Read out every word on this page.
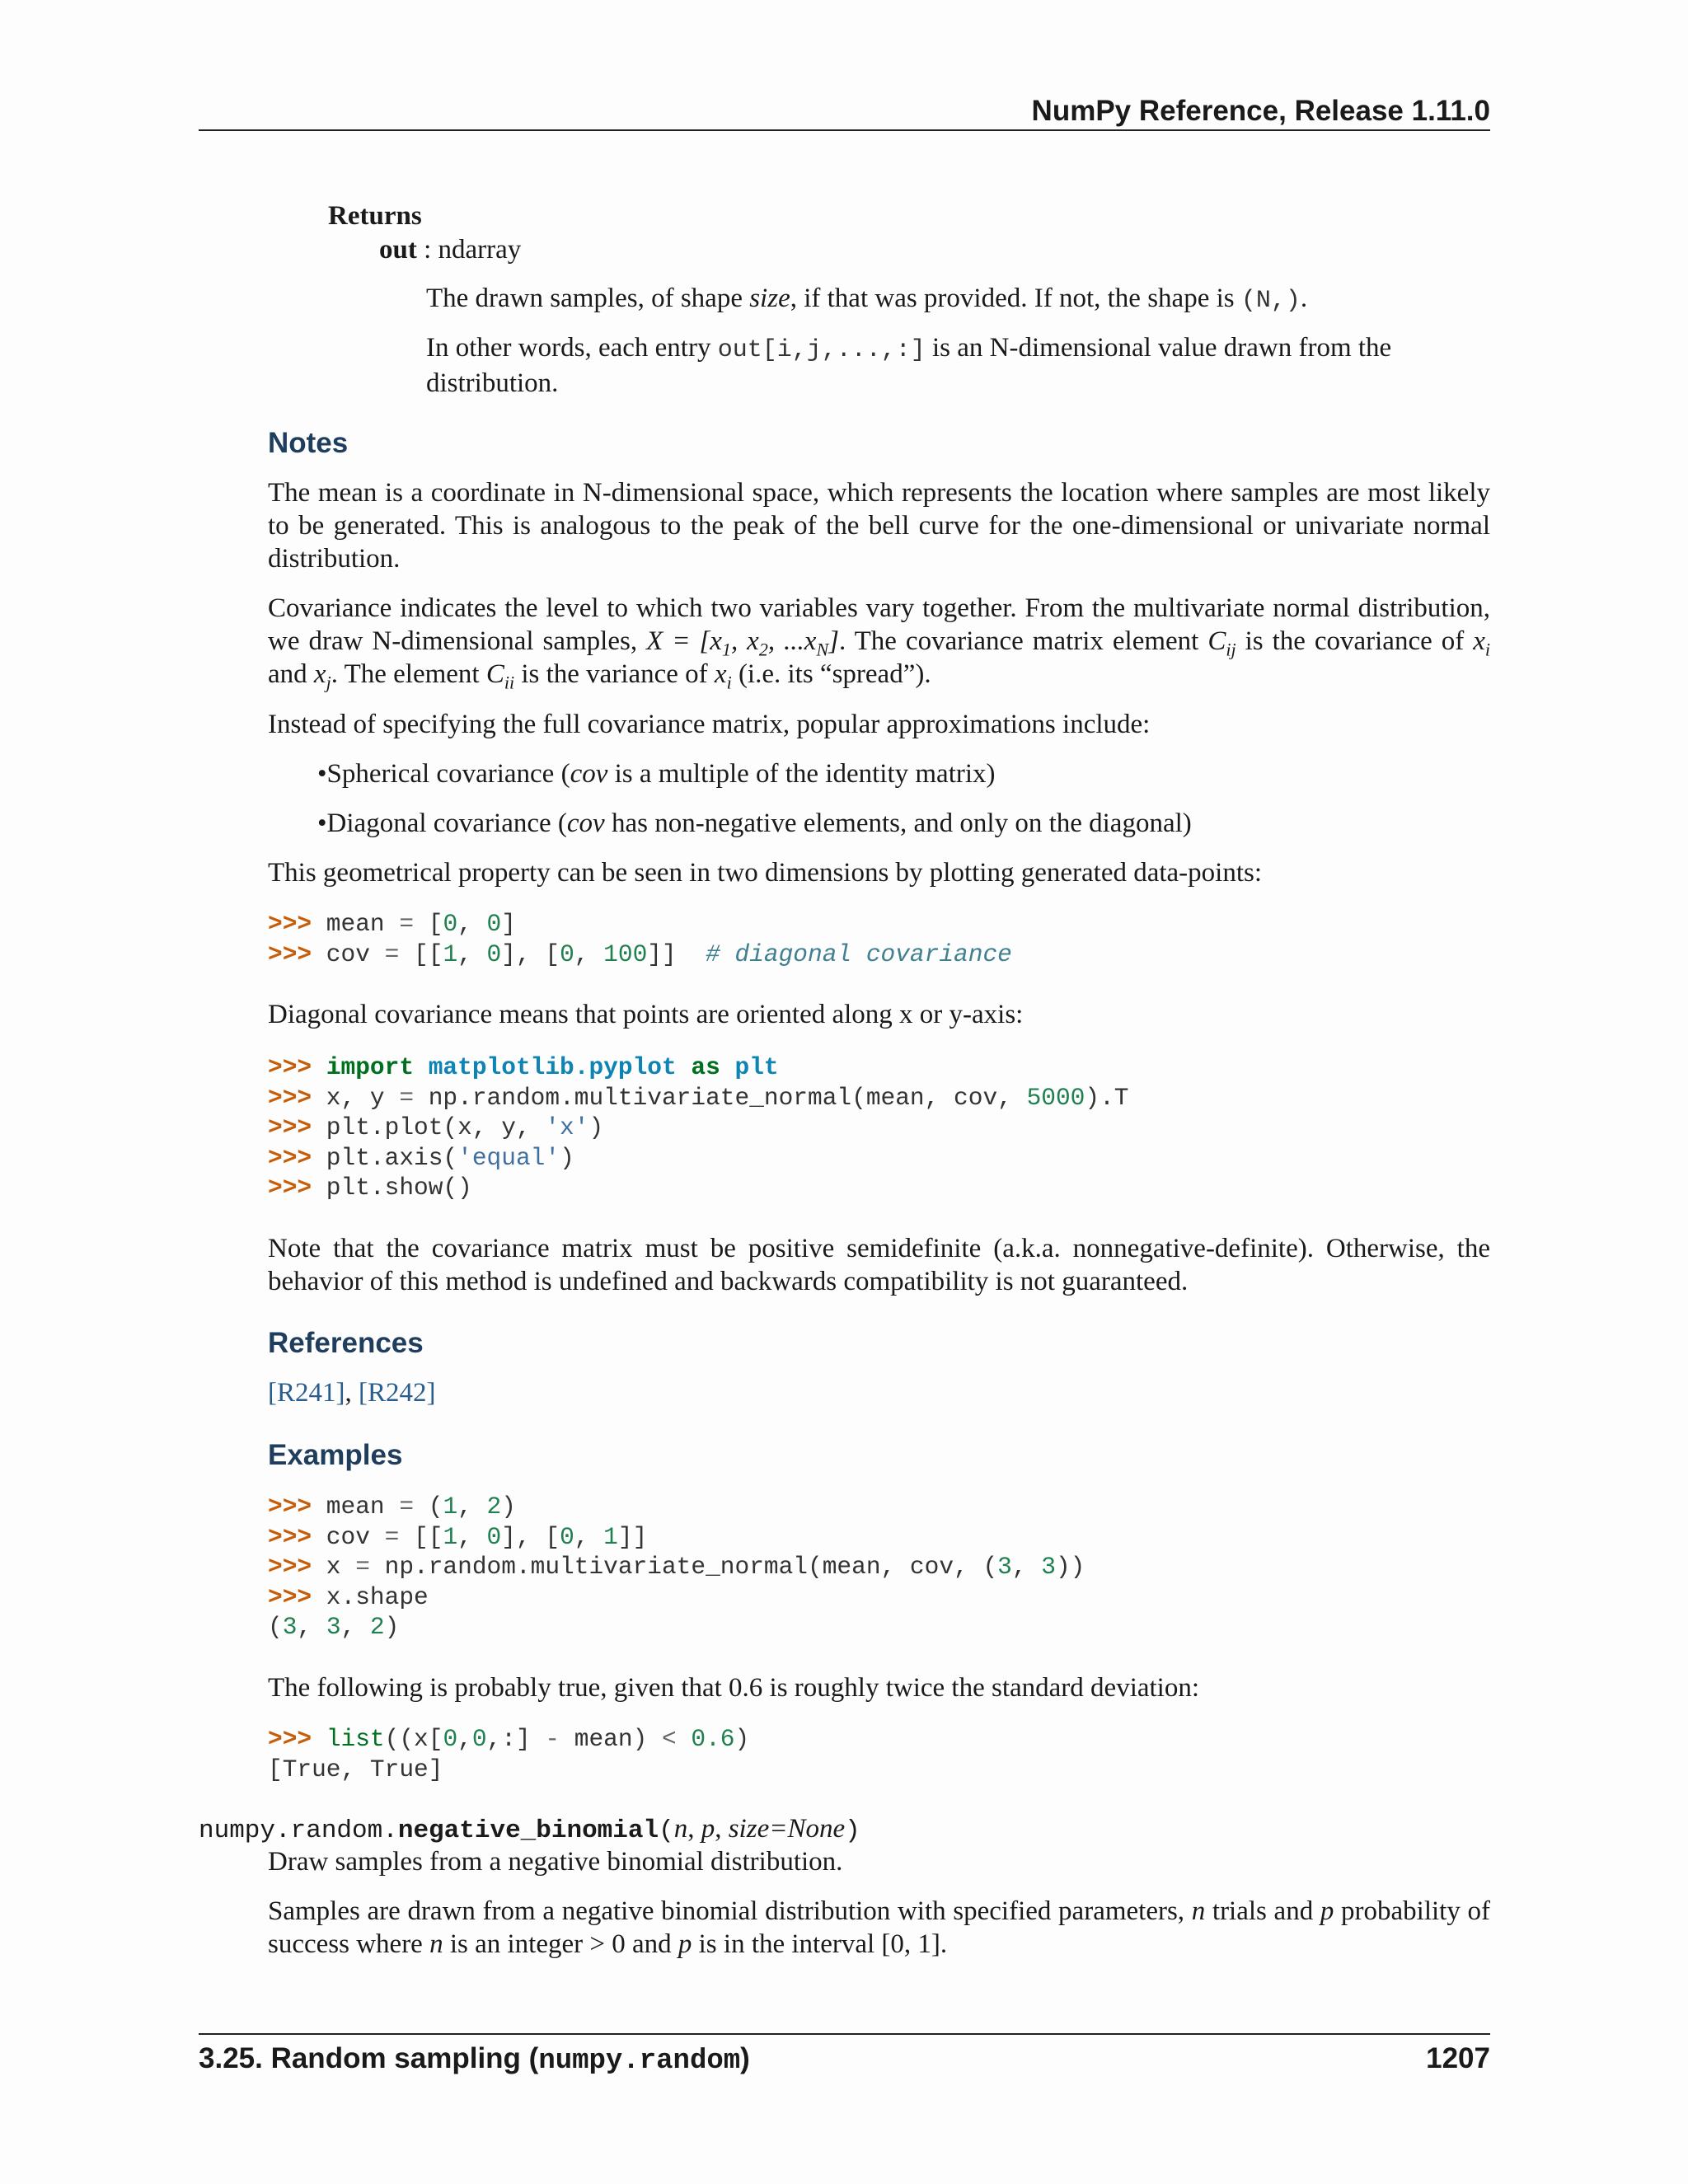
NumPy Reference, Release 1.11.0
Returns
out : ndarray
The drawn samples, of shape size, if that was provided. If not, the shape is (N,).
In other words, each entry out[i,j,...,:] is an N-dimensional value drawn from the distribution.
Notes
The mean is a coordinate in N-dimensional space, which represents the location where samples are most likely to be generated. This is analogous to the peak of the bell curve for the one-dimensional or univariate normal distribution.
Covariance indicates the level to which two variables vary together. From the multivariate normal distribution, we draw N-dimensional samples, $X = [x_1$, $x_2$, $...x_N$]. The covariance matrix element $C_{ij}$ is the covariance of $x_i$ and $x_j$. The element $C_{ii}$ is the variance of $x_i$ (i.e. its “spread”).
Instead of specifying the full covariance matrix, popular approximations include:
•Spherical covariance (cov is a multiple of the identity matrix)
•Diagonal covariance (cov has non-negative elements, and only on the diagonal)
This geometrical property can be seen in two dimensions by plotting generated data-points:
>>> mean = [0, 0]
>>> cov = [[1, 0], [0, 100]]  # diagonal covariance
Diagonal covariance means that points are oriented along x or y-axis:
>>> import matplotlib.pyplot as plt
>>> x, y = np.random.multivariate_normal(mean, cov, 5000).T
>>> plt.plot(x, y, 'x')
>>> plt.axis('equal')
>>> plt.show()
Note that the covariance matrix must be positive semidefinite (a.k.a. nonnegative-definite). Otherwise, the behavior of this method is undefined and backwards compatibility is not guaranteed.
References
[R241], [R242]
Examples
>>> mean = (1, 2)
>>> cov = [[1, 0], [0, 1]]
>>> x = np.random.multivariate_normal(mean, cov, (3, 3))
>>> x.shape
(3, 3, 2)
The following is probably true, given that 0.6 is roughly twice the standard deviation:
>>> list((x[0,0,:] - mean) < 0.6)
[True, True]
numpy.random.negative_binomial(n, p, size=None)
Draw samples from a negative binomial distribution.
Samples are drawn from a negative binomial distribution with specified parameters, n trials and p probability of success where n is an integer > 0 and p is in the interval [0, 1].
3.25. Random sampling (numpy.random)	1207
